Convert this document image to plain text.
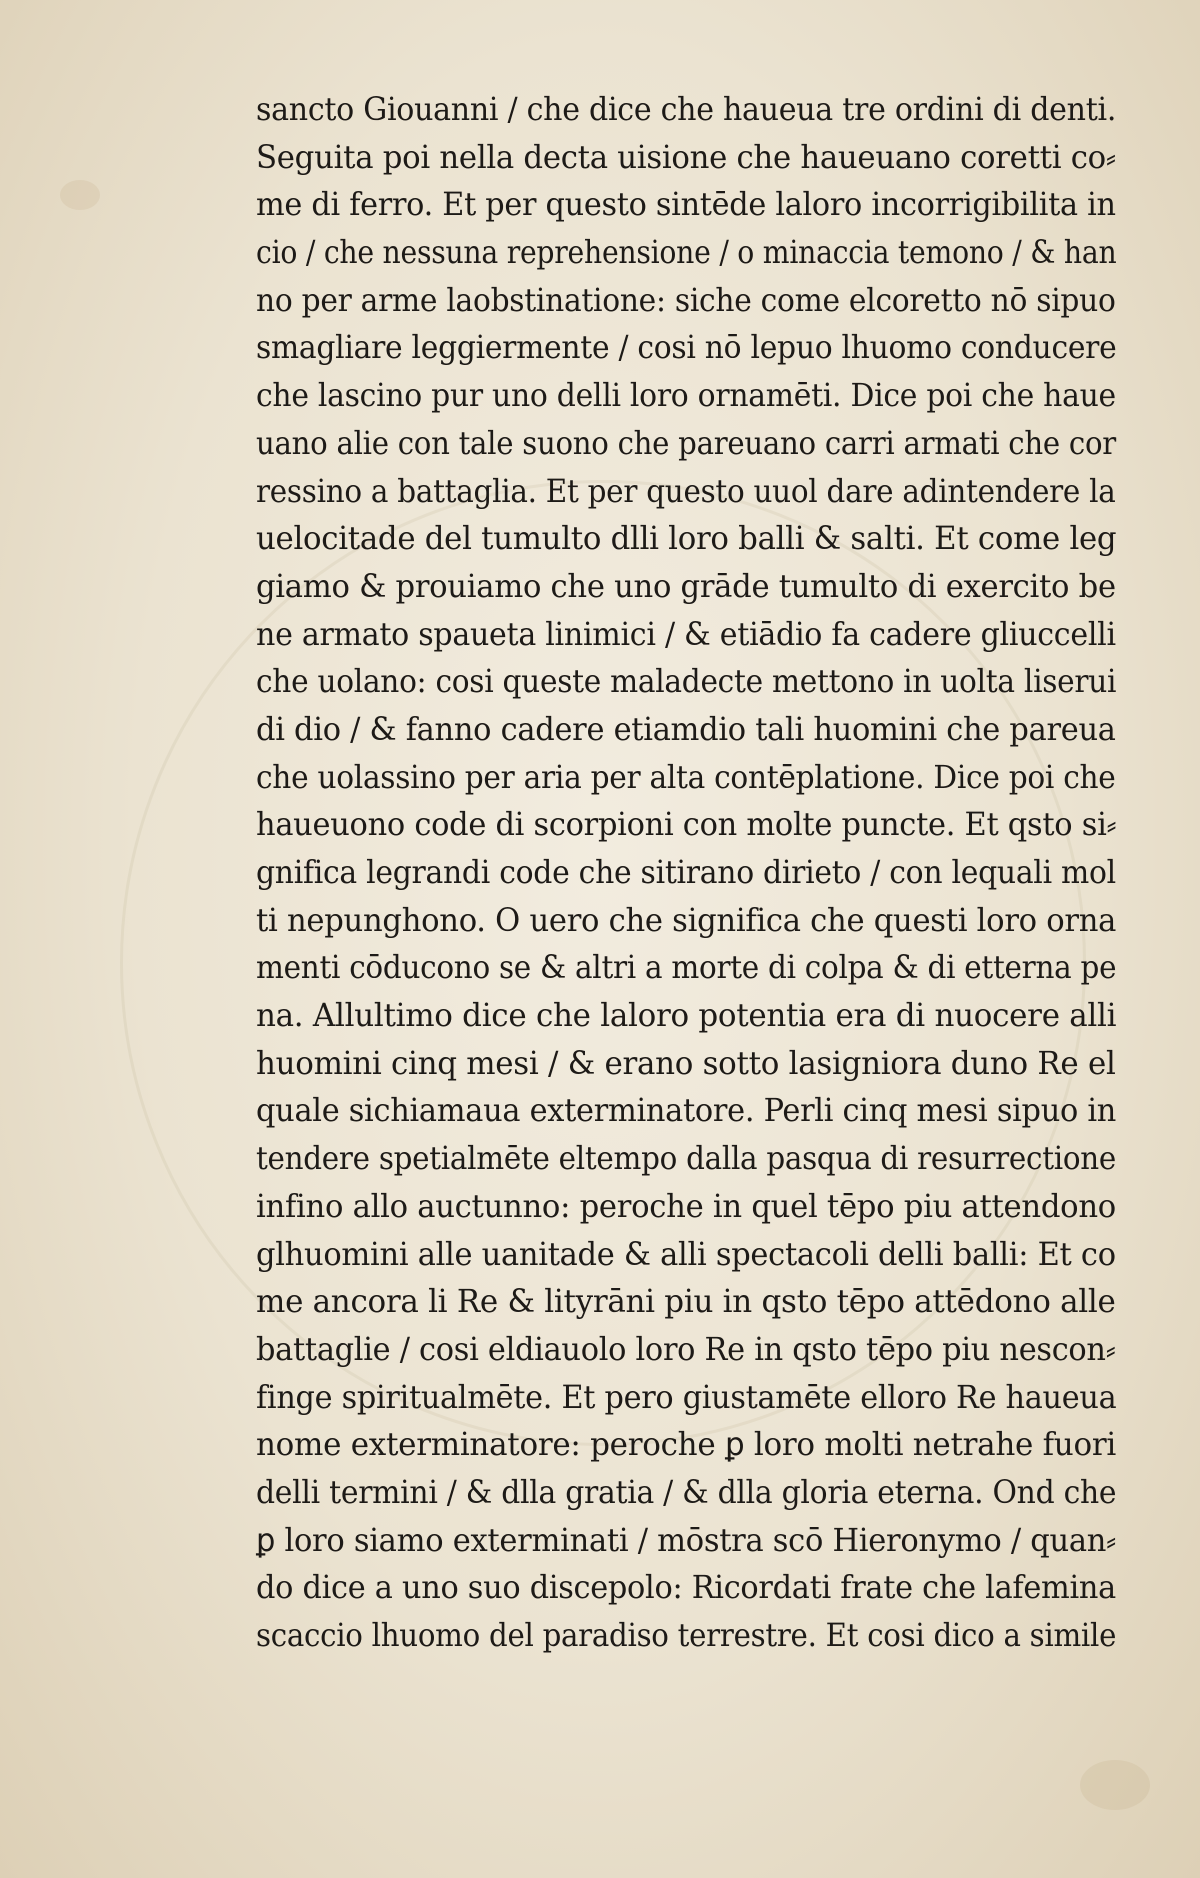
sancto Giouanni / che dice che haueua tre ordini di denti.
Seguita poi nella decta uisione che haueuano coretti co⸗
me di ferro. Et per questo sintēde laloro incorrigibilita in
cio / che nessuna reprehensione / o minaccia temono / & han
no per arme laobstinatione: siche come elcoretto nō sipuo
smagliare leggiermente / cosi nō lepuo lhuomo conducere
che lascino pur uno delli loro ornamēti. Dice poi che haue
uano alie con tale suono che pareuano carri armati che cor
ressino a battaglia. Et per questo uuol dare adintendere la
uelocitade del tumulto dlli loro balli & salti. Et come leg
giamo & prouiamo che uno grāde tumulto di exercito be
ne armato spaueta linimici / & etiādio fa cadere gliuccelli
che uolano: cosi queste maladecte mettono in uolta liserui
di dio / & fanno cadere etiamdio tali huomini che pareua
che uolassino per aria per alta contēplatione. Dice poi che
haueuono code di scorpioni con molte puncte. Et qsto si⸗
gnifica legrandi code che sitirano dirieto / con lequali mol
ti nepunghono. O uero che significa che questi loro orna
menti cōducono se & altri a morte di colpa & di etterna pe
na. Allultimo dice che laloro potentia era di nuocere alli
huomini cinq mesi / & erano sotto lasigniora duno Re el
quale sichiamaua exterminatore. Perli cinq mesi sipuo in
tendere spetialmēte eltempo dalla pasqua di resurrectione
infino allo auctunno: peroche in quel tēpo piu attendono
glhuomini alle uanitade & alli spectacoli delli balli: Et co
me ancora li Re & lityrāni piu in qsto tēpo attēdono alle
battaglie / cosi eldiauolo loro Re in qsto tēpo piu nescon⸗
finge spiritualmēte. Et pero giustamēte elloro Re haueua
nome exterminatore: peroche ꝑ loro molti netrahe fuori
delli termini / & dlla gratia / & dlla gloria eterna. Ond che
ꝑ loro siamo exterminati / mōstra scō Hieronymo / quan⸗
do dice a uno suo discepolo: Ricordati frate che lafemina
scaccio lhuomo del paradiso terrestre. Et cosi dico a simile
